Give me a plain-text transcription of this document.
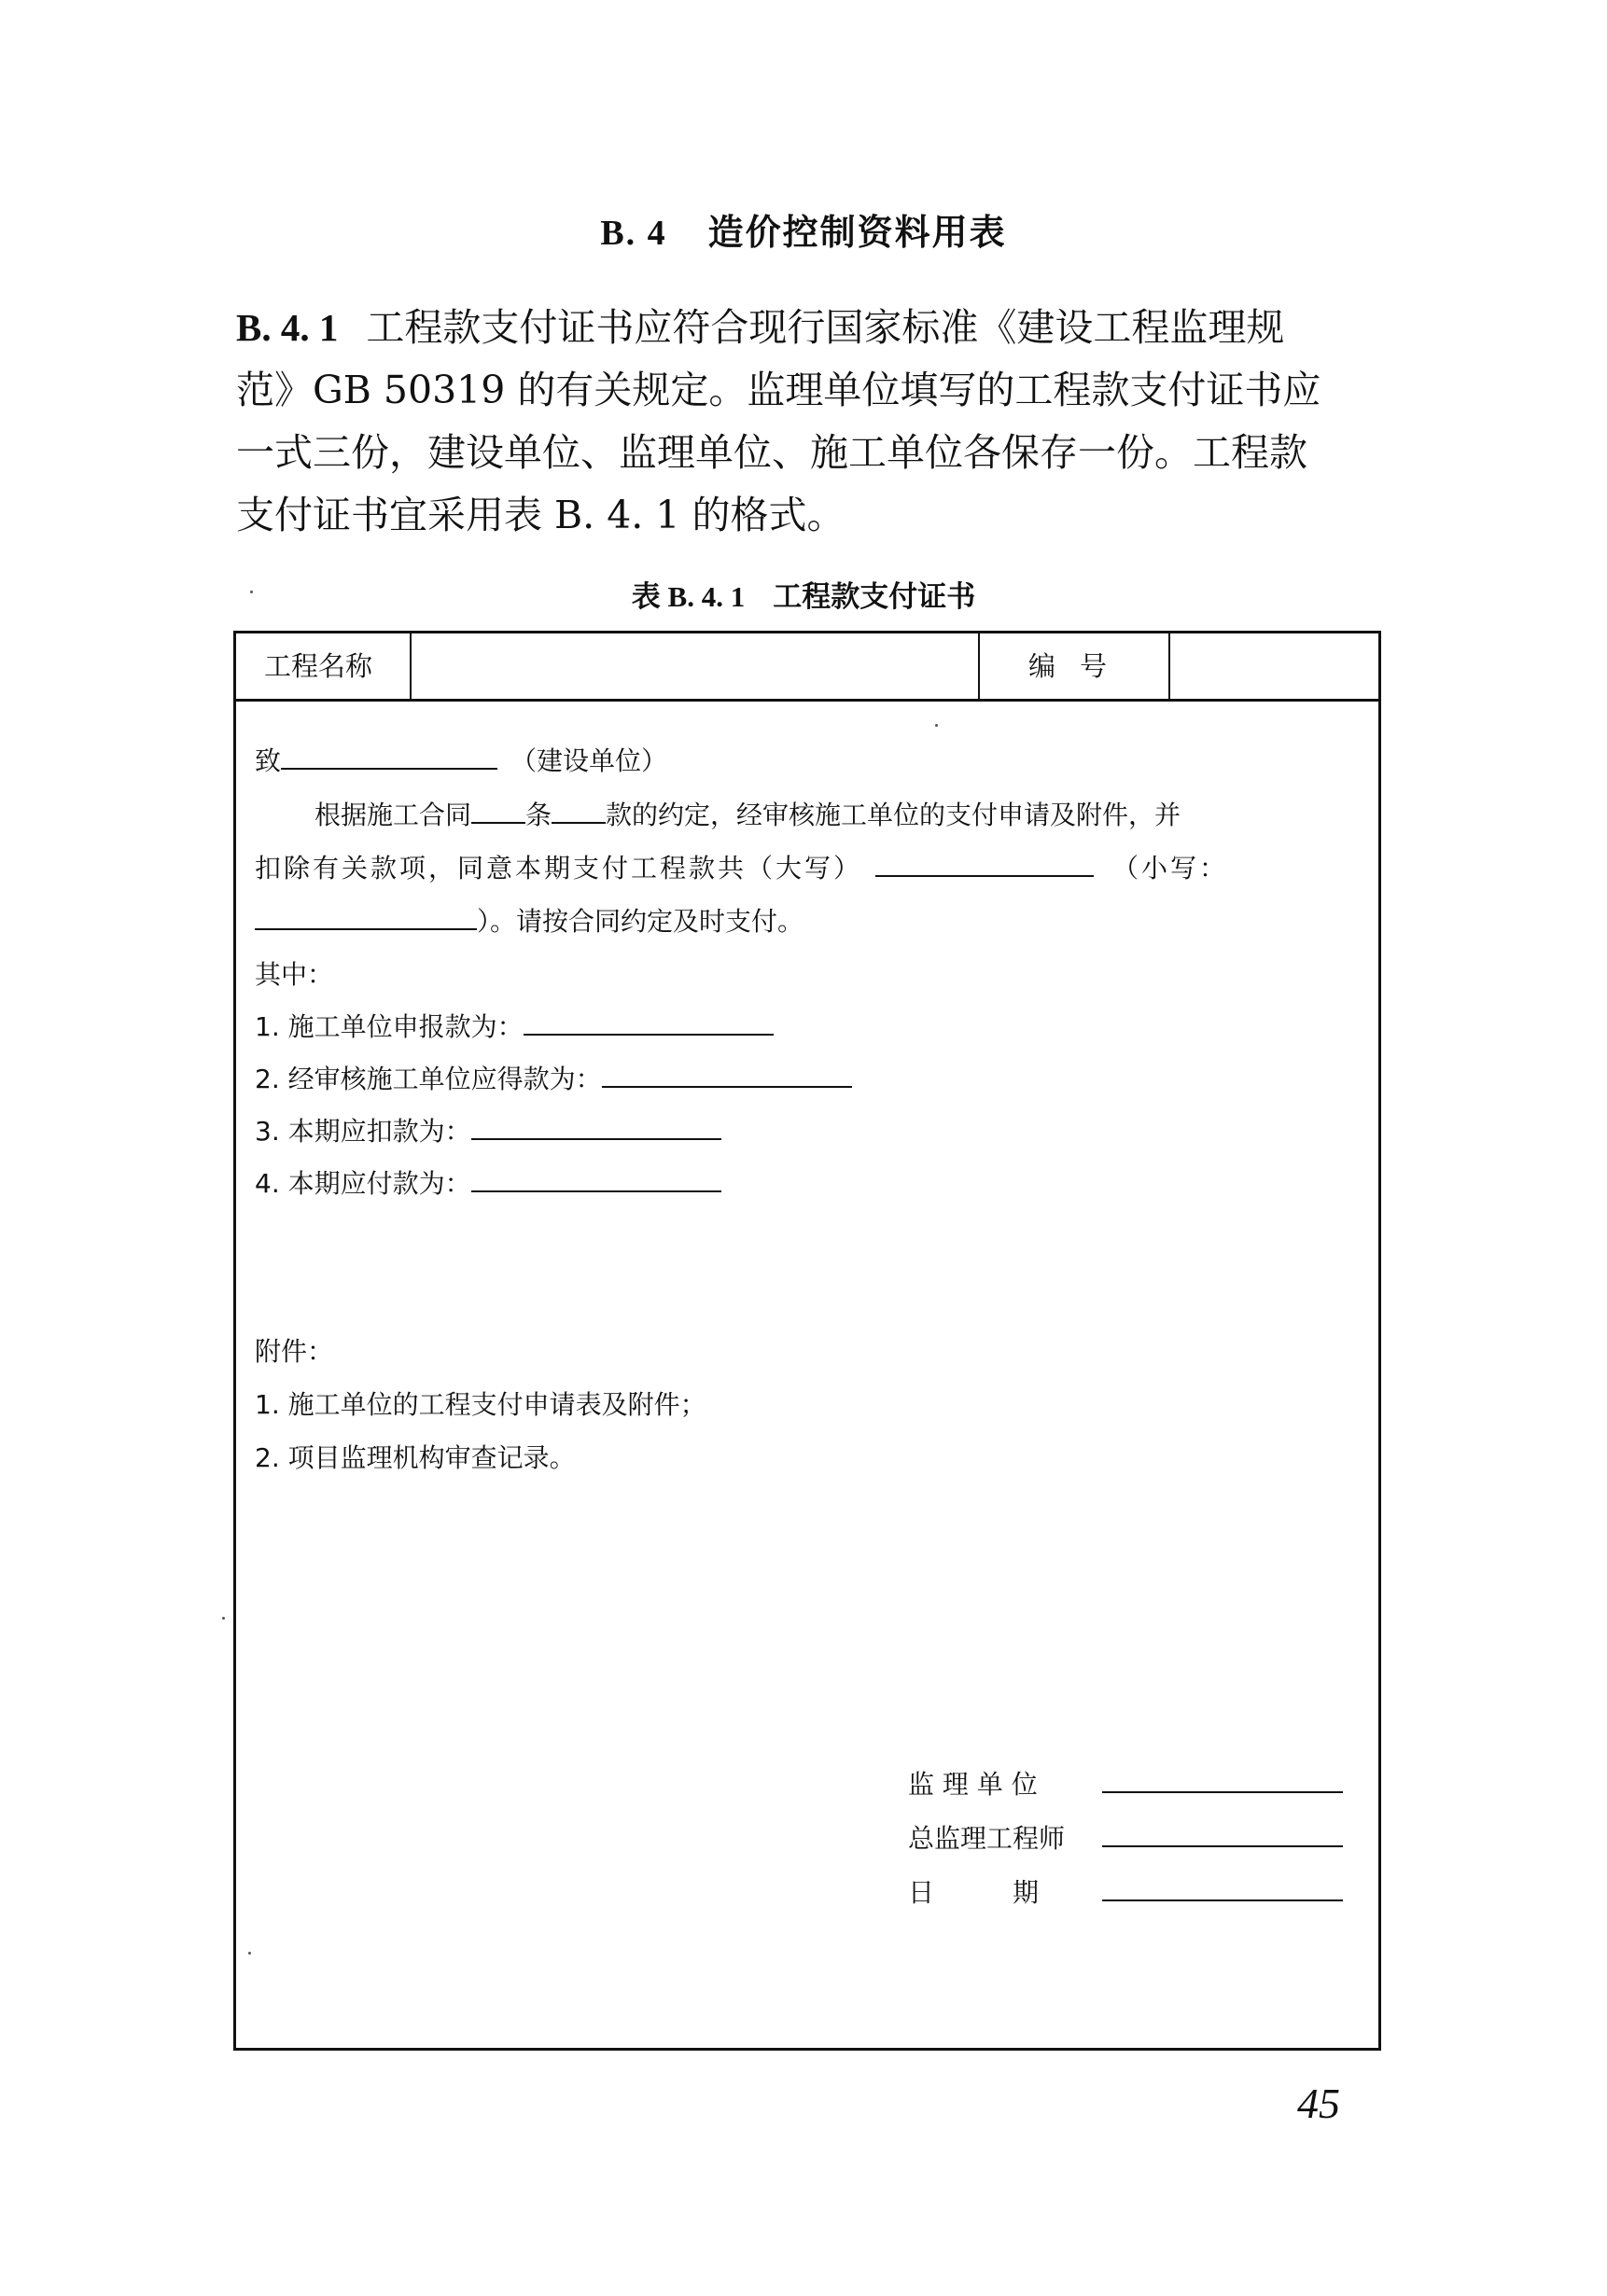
B. 4 造价控制资料用表
B. 4. 1 工程款支付证书应符合现行国家标准《建设工程监理规
范》GB 50319 的有关规定。监理单位填写的工程款支付证书应
一式三份，建设单位、监理单位、施工单位各保存一份。工程款
支付证书宜采用表 B. 4. 1 的格式。
表 B. 4. 1 工程款支付证书
工程名称	编号
致	（建设单位）
根据施工合同 条 款的约定，经审核施工单位的支付申请及附件，并
扣除有关款项，同意本期支付工程款共（大写）	（小写：
）。请按合同约定及时支付。
其中：
1. 施工单位申报款为：
2. 经审核施工单位应得款为：
3. 本期应扣款为：
4. 本期应付款为：
附件：
1. 施工单位的工程支付申请表及附件；
2. 项目监理机构审查记录。
监 理 单 位
总监理工程师
日　　　期
45
